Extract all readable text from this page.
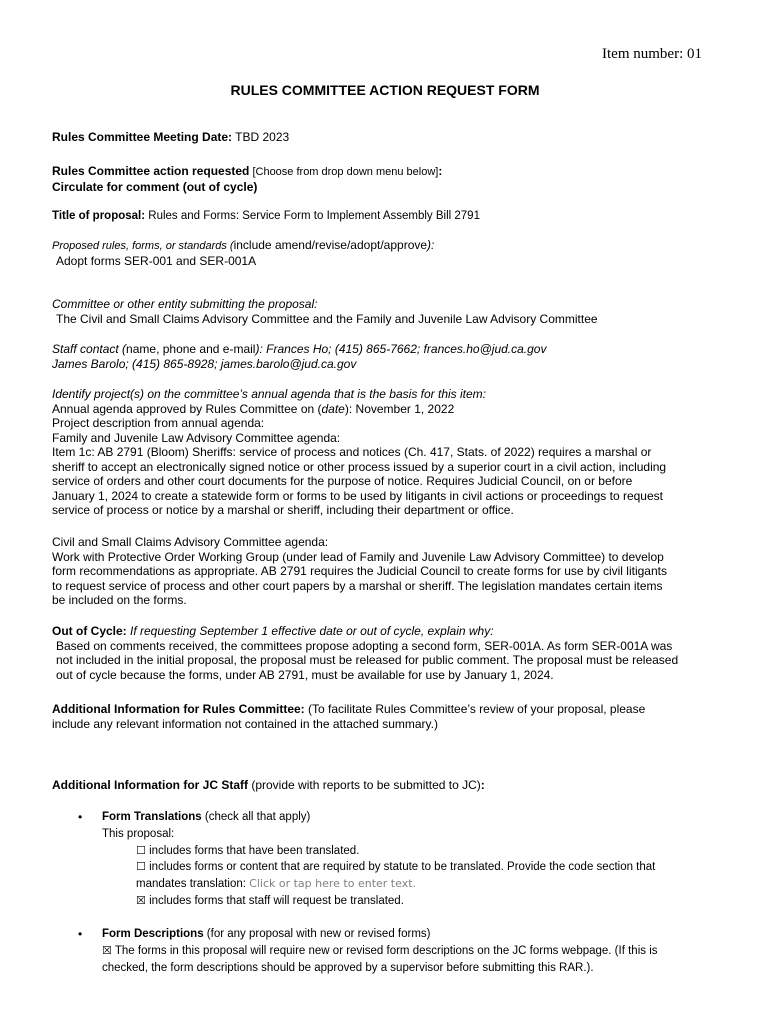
Item number: 01
RULES COMMITTEE ACTION REQUEST FORM
Rules Committee Meeting Date: TBD 2023
Rules Committee action requested [Choose from drop down menu below]:
Circulate for comment (out of cycle)
Title of proposal: Rules and Forms: Service Form to Implement Assembly Bill 2791
Proposed rules, forms, or standards (include amend/revise/adopt/approve):
Adopt forms SER-001 and SER-001A
Committee or other entity submitting the proposal:
The Civil and Small Claims Advisory Committee and the Family and Juvenile Law Advisory Committee
Staff contact (name, phone and e-mail): Frances Ho; (415) 865-7662; frances.ho@jud.ca.gov
James Barolo; (415) 865-8928; james.barolo@jud.ca.gov
Identify project(s) on the committee’s annual agenda that is the basis for this item:
Annual agenda approved by Rules Committee on (date): November 1, 2022
Project description from annual agenda:
Family and Juvenile Law Advisory Committee agenda:
Item 1c: AB 2791 (Bloom) Sheriffs: service of process and notices (Ch. 417, Stats. of 2022) requires a marshal or
sheriff to accept an electronically signed notice or other process issued by a superior court in a civil action, including
service of orders and other court documents for the purpose of notice. Requires Judicial Council, on or before
January 1, 2024 to create a statewide form or forms to be used by litigants in civil actions or proceedings to request
service of process or notice by a marshal or sheriff, including their department or office.
Civil and Small Claims Advisory Committee agenda:
Work with Protective Order Working Group (under lead of Family and Juvenile Law Advisory Committee) to develop
form recommendations as appropriate. AB 2791 requires the Judicial Council to create forms for use by civil litigants
to request service of process and other court papers by a marshal or sheriff. The legislation mandates certain items
be included on the forms.
Out of Cycle: If requesting September 1 effective date or out of cycle, explain why:
Based on comments received, the committees propose adopting a second form, SER-001A. As form SER-001A was
not included in the initial proposal, the proposal must be released for public comment. The proposal must be released
out of cycle because the forms, under AB 2791, must be available for use by January 1, 2024.
Additional Information for Rules Committee: (To facilitate Rules Committee’s review of your proposal, please
include any relevant information not contained in the attached summary.)
Additional Information for JC Staff (provide with reports to be submitted to JC):
• Form Translations (check all that apply)
This proposal:
☐ includes forms that have been translated.
☐ includes forms or content that are required by statute to be translated. Provide the code section that
mandates translation: Click or tap here to enter text.
☒ includes forms that staff will request be translated.
• Form Descriptions (for any proposal with new or revised forms)
☒ The forms in this proposal will require new or revised form descriptions on the JC forms webpage. (If this is
checked, the form descriptions should be approved by a supervisor before submitting this RAR.).
